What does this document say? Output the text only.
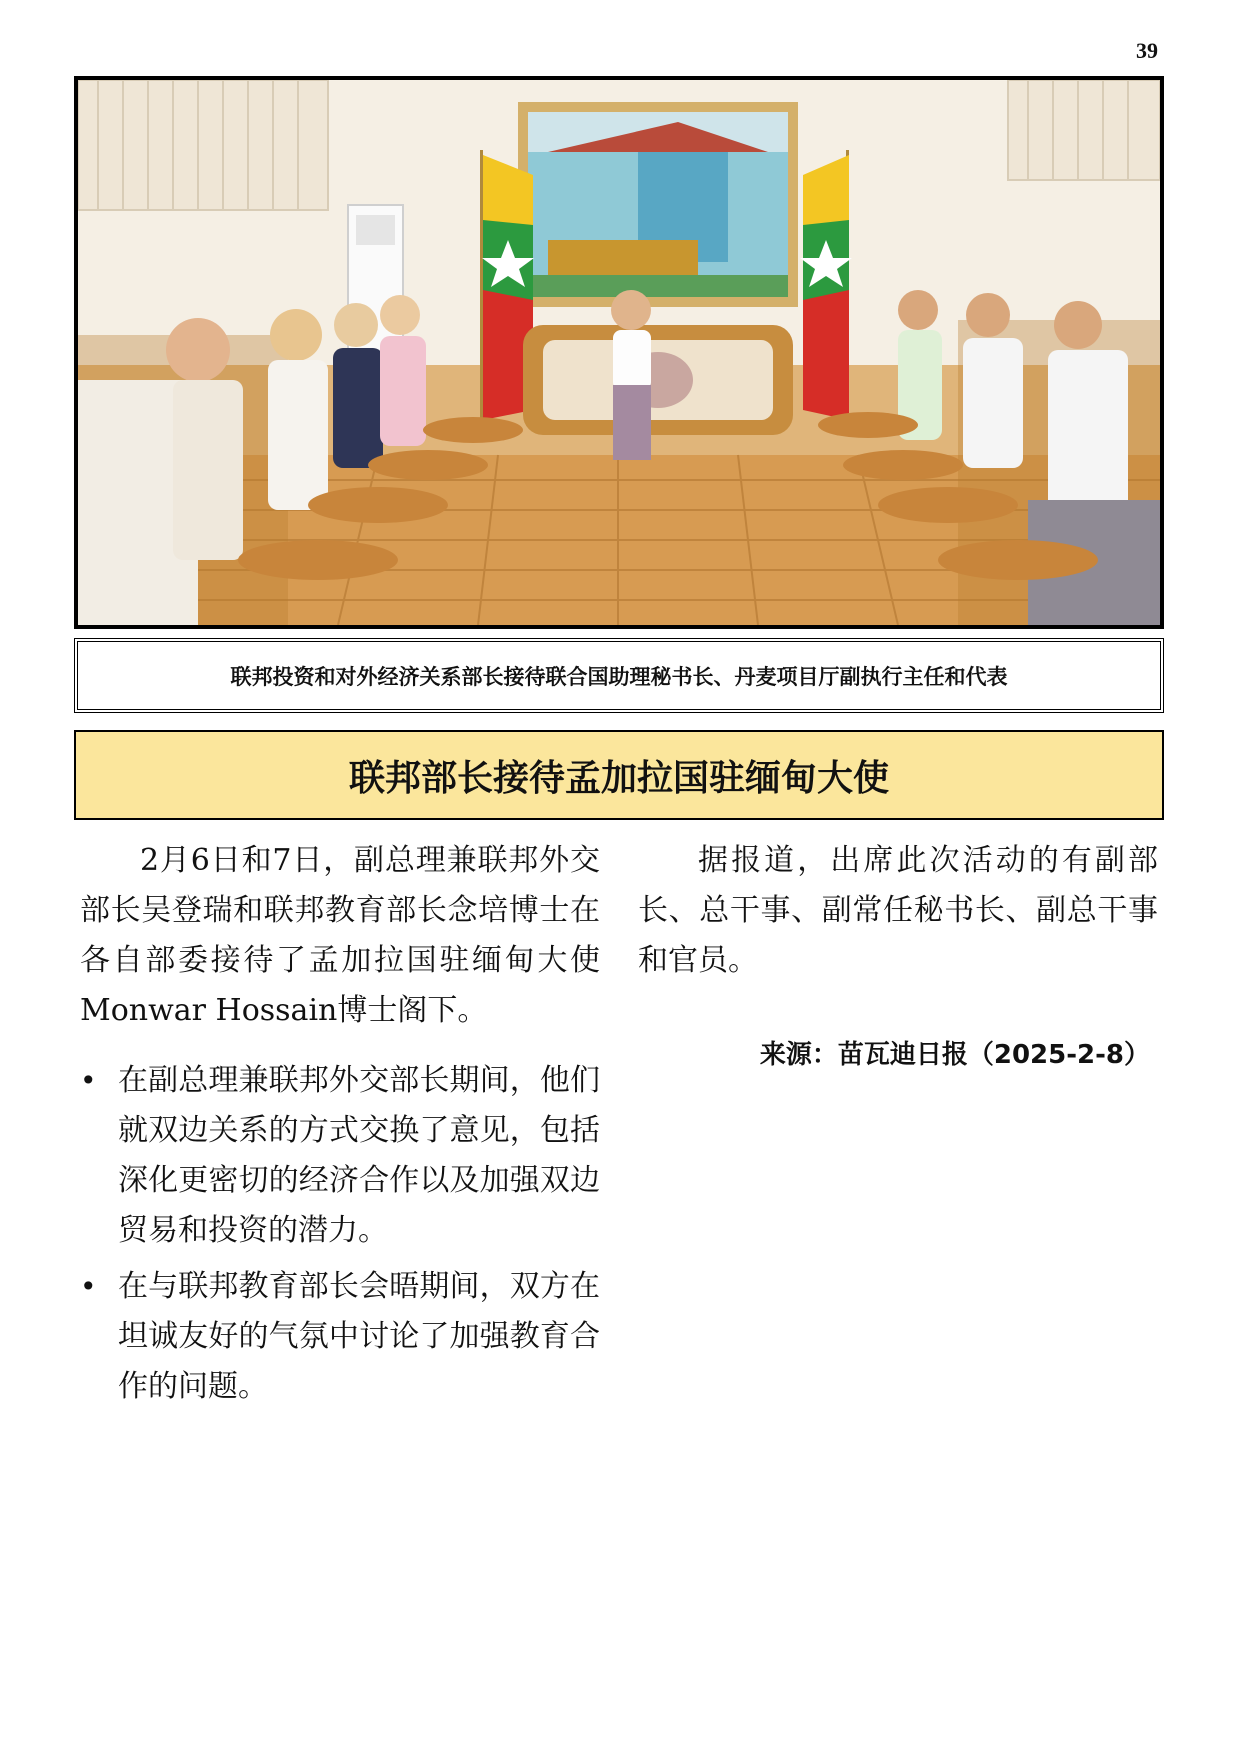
39
联邦投资和对外经济关系部长接待联合国助理秘书长、丹麦项目厅副执行主任和代表
联邦部长接待孟加拉国驻缅甸大使

2月6日和7日，副总理兼联邦外交部长吴登瑞和联邦教育部长念培博士在各自部委接待了孟加拉国驻缅甸大使Monwar Hossain博士阁下。

• 在副总理兼联邦外交部长期间，他们就双边关系的方式交换了意见，包括深化更密切的经济合作以及加强双边贸易和投资的潜力。
• 在与联邦教育部长会晤期间，双方在坦诚友好的气氛中讨论了加强教育合作的问题。

据报道，出席此次活动的有副部长、总干事、副常任秘书长、副总干事和官员。

来源：苗瓦迪日报（2025-2-8）
